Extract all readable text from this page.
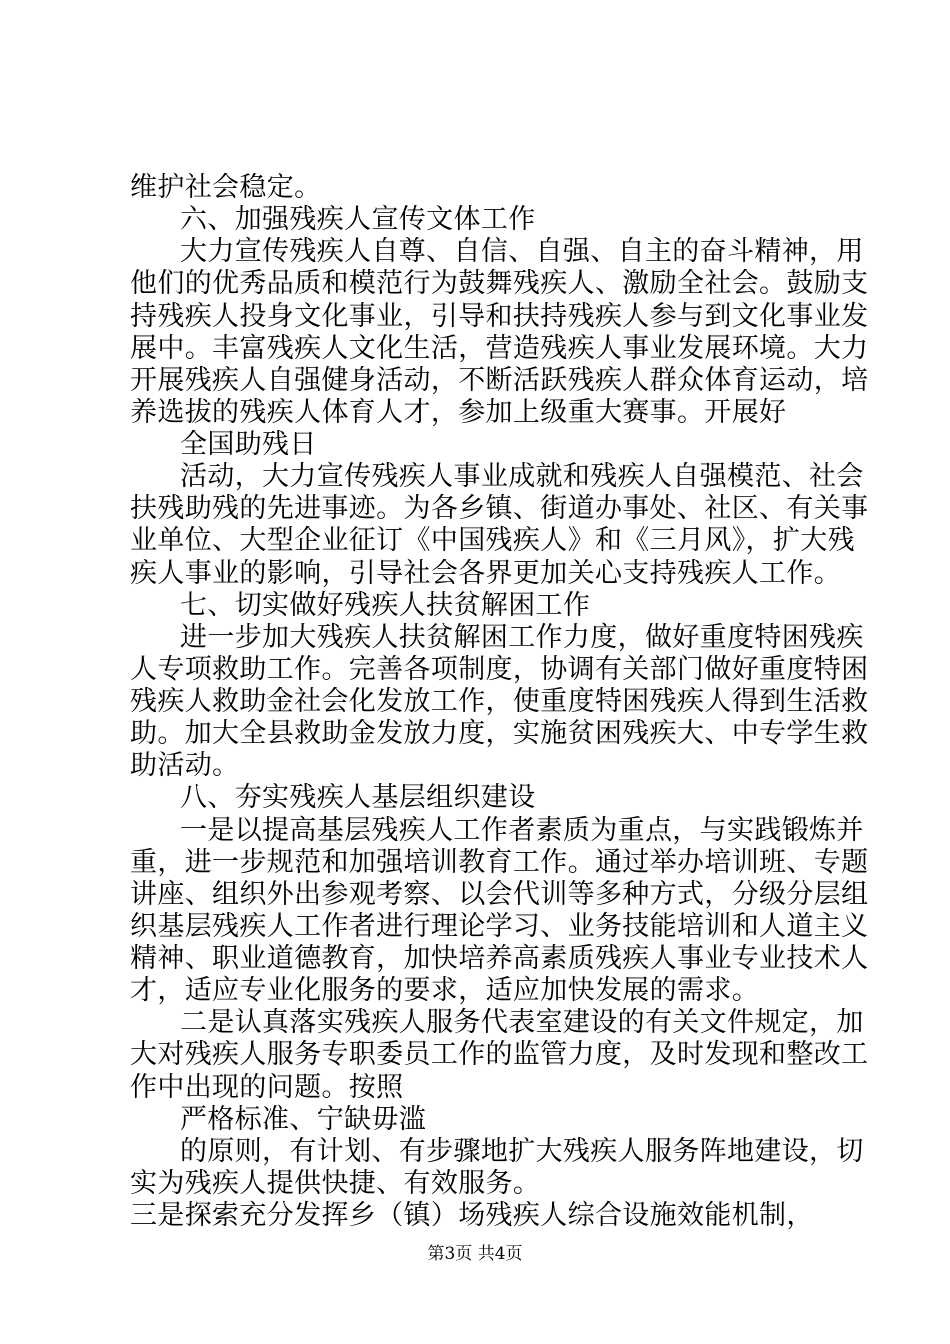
维护社会稳定。
六、加强残疾人宣传文体工作
大力宣传残疾人自尊、自信、自强、自主的奋斗精神，用
他们的优秀品质和模范行为鼓舞残疾人、激励全社会。鼓励支
持残疾人投身文化事业，引导和扶持残疾人参与到文化事业发
展中。丰富残疾人文化生活，营造残疾人事业发展环境。大力
开展残疾人自强健身活动，不断活跃残疾人群众体育运动，培
养选拔的残疾人体育人才，参加上级重大赛事。开展好
全国助残日
活动，大力宣传残疾人事业成就和残疾人自强模范、社会
扶残助残的先进事迹。为各乡镇、街道办事处、社区、有关事
业单位、大型企业征订《中国残疾人》和《三月风》，扩大残
疾人事业的影响，引导社会各界更加关心支持残疾人工作。
七、切实做好残疾人扶贫解困工作
进一步加大残疾人扶贫解困工作力度，做好重度特困残疾
人专项救助工作。完善各项制度，协调有关部门做好重度特困
残疾人救助金社会化发放工作，使重度特困残疾人得到生活救
助。加大全县救助金发放力度，实施贫困残疾大、中专学生救
助活动。
八、夯实残疾人基层组织建设
一是以提高基层残疾人工作者素质为重点，与实践锻炼并
重，进一步规范和加强培训教育工作。通过举办培训班、专题
讲座、组织外出参观考察、以会代训等多种方式，分级分层组
织基层残疾人工作者进行理论学习、业务技能培训和人道主义
精神、职业道德教育，加快培养高素质残疾人事业专业技术人
才，适应专业化服务的要求，适应加快发展的需求。
二是认真落实残疾人服务代表室建设的有关文件规定，加
大对残疾人服务专职委员工作的监管力度，及时发现和整改工
作中出现的问题。按照
严格标准、宁缺毋滥
的原则，有计划、有步骤地扩大残疾人服务阵地建设，切
实为残疾人提供快捷、有效服务。
三是探索充分发挥乡（镇）场残疾人综合设施效能机制，
第3页 共4页
